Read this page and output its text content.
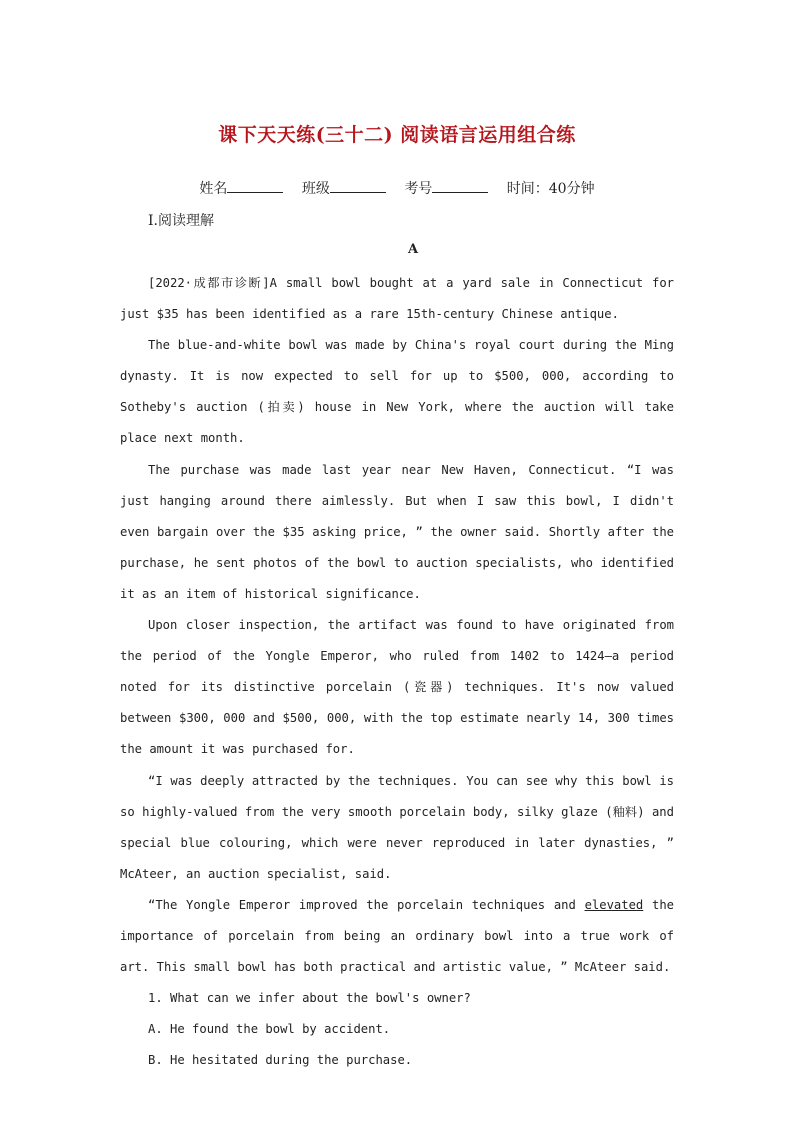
课下天天练(三十二) 阅读语言运用组合练
姓名	班级	考号	时间：40分钟
Ⅰ.阅读理解
A

[2022·成都市诊断]A small bowl bought at a yard sale in Connecticut for just $35 has been identified as a rare 15th-century Chinese antique.

The blue-and-white bowl was made by China's royal court during the Ming dynasty. It is now expected to sell for up to $500, 000, according to Sotheby's auction (拍卖) house in New York, where the auction will take place next month.

The purchase was made last year near New Haven, Connecticut. “I was just hanging around there aimlessly. But when I saw this bowl, I didn't even bargain over the $35 asking price, ” the owner said. Shortly after the purchase, he sent photos of the bowl to auction specialists, who identified it as an item of historical significance.

Upon closer inspection, the artifact was found to have originated from the period of the Yongle Emperor, who ruled from 1402 to 1424—a period noted for its distinctive porcelain (瓷器) techniques. It's now valued between $300, 000 and $500, 000, with the top estimate nearly 14, 300 times the amount it was purchased for.

“I was deeply attracted by the techniques. You can see why this bowl is so highly-valued from the very smooth porcelain body, silky glaze (釉料) and special blue colouring, which were never reproduced in later dynasties, ” McAteer, an auction specialist, said.

“The Yongle Emperor improved the porcelain techniques and elevated the importance of porcelain from being an ordinary bowl into a true work of art. This small bowl has both practical and artistic value, ” McAteer said.

1. What can we infer about the bowl's owner?

A. He found the bowl by accident.

B. He hesitated during the purchase.
